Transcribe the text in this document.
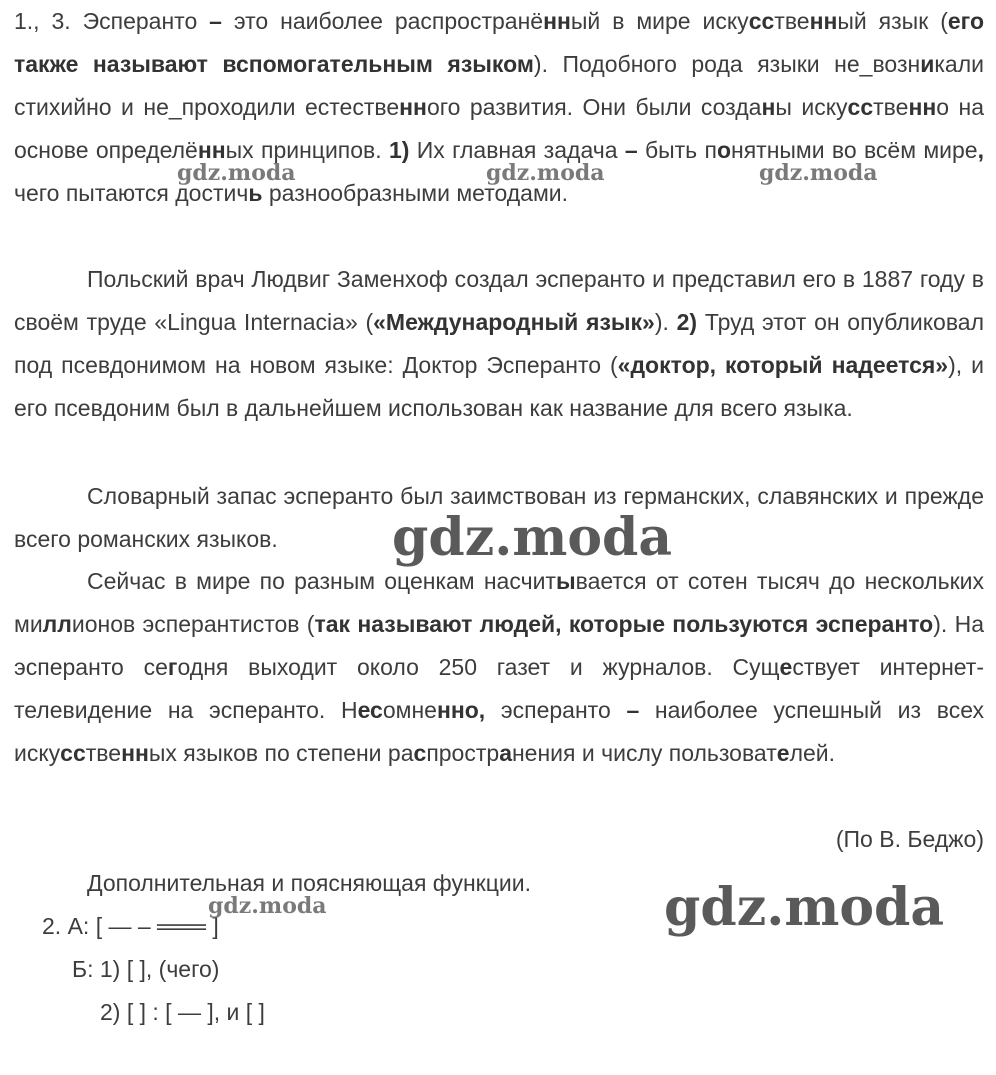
1., 3. Эсперанто – это наиболее распространённый в мире искусственный язык (его также называют вспомогательным языком). Подобного рода языки не_возникали стихийно и не_проходили естественного развития. Они были созданы искусственно на основе определённых принципов. 1) Их главная задача – быть понятными во всём мире, чего пытаются достичь разнообразными методами.
Польский врач Людвиг Заменхоф создал эсперанто и представил его в 1887 году в своём труде «Lingua Internacia» («Международный язык»). 2) Труд этот он опубликовал под псевдонимом на новом языке: Доктор Эсперанто («доктор, который надеется»), и его псевдоним был в дальнейшем использован как название для всего языка.
Словарный запас эсперанто был заимствован из германских, славянских и прежде всего романских языков.
Сейчас в мире по разным оценкам насчитывается от сотен тысяч до нескольких миллионов эсперантистов (так называют людей, которые пользуются эсперанто). На эсперанто сегодня выходит около 250 газет и журналов. Существует интернет-телевидение на эсперанто. Несомненно, эсперанто – наиболее успешный из всех искусственных языков по степени распространения и числу пользователей.
(По В. Беджо)
Дополнительная и поясняющая функции.
2. А: [ — – ═══ ]
Б: 1) [ ], (чего)
2) [ ] : [ — ], и [ ]
gdz.moda	gdz.moda	gdz.moda
gdz.moda
gdz.moda
gdz.moda
